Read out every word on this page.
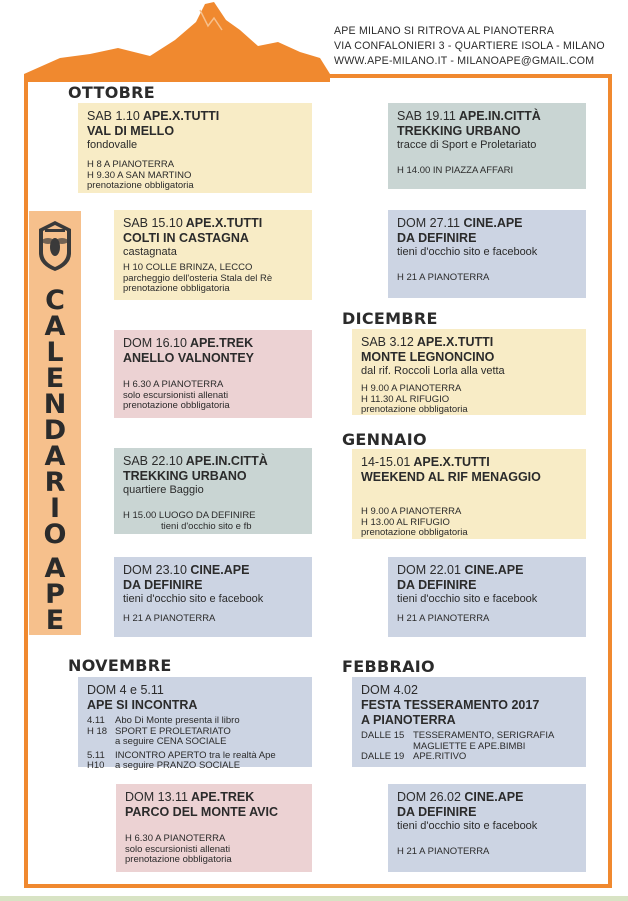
APE MILANO SI RITROVA AL PIANOTERRA
VIA CONFALONIERI 3 - QUARTIERE ISOLA - MILANO
WWW.APE-MILANO.IT - MILANOAPE@GMAIL.COM
C
A
L
E
N
D
A
R
I
O
A
P
E
OTTOBRE
NOVEMBRE
DICEMBRE
GENNAIO
FEBBRAIO
SAB 1.10 APE.X.TUTTI
VAL DI MELLO
fondovalle
H 8 A PIANOTERRA
H 9.30 A SAN MARTINO
prenotazione obbligatoria
SAB 15.10 APE.X.TUTTI
COLTI IN CASTAGNA
castagnata
H 10 COLLE BRINZA, LECCO
parcheggio dell'osteria Stala del Rè
prenotazione obbligatoria
DOM 16.10 APE.TREK
ANELLO VALNONTEY
H 6.30 A PIANOTERRA
solo escursionisti allenati
prenotazione obbligatoria
SAB 22.10 APE.IN.CITTÀ
TREKKING URBANO
quartiere Baggio
H 15.00 LUOGO DA DEFINIRE
tieni d'occhio sito e fb
DOM 23.10 CINE.APE
DA DEFINIRE
tieni d'occhio sito e facebook
H 21 A PIANOTERRA
DOM 4 e 5.11
APE SI INCONTRA
4.11	Abo Di Monte presenta il libro
H 18 SPORT E PROLETARIATO
a seguire CENA SOCIALE
5.11	INCONTRO APERTO tra le realtà Ape
H10	a seguire PRANZO SOCIALE
DOM 13.11 APE.TREK
PARCO DEL MONTE AVIC
H 6.30 A PIANOTERRA
solo escursionisti allenati
prenotazione obbligatoria
SAB 19.11 APE.IN.CITTÀ
TREKKING URBANO
tracce di Sport e Proletariato
H 14.00 IN PIAZZA AFFARI
DOM 27.11 CINE.APE
DA DEFINIRE
tieni d'occhio sito e facebook
H 21 A PIANOTERRA
SAB 3.12 APE.X.TUTTI
MONTE LEGNONCINO
dal rif. Roccoli Lorla alla vetta
H 9.00 A PIANOTERRA
H 11.30 AL RIFUGIO
prenotazione obbligatoria
14-15.01 APE.X.TUTTI
WEEKEND AL RIF MENAGGIO
H 9.00 A PIANOTERRA
H 13.00 AL RIFUGIO
prenotazione obbligatoria
DOM 22.01 CINE.APE
DA DEFINIRE
tieni d'occhio sito e facebook
H 21 A PIANOTERRA
DOM 4.02
FESTA TESSERAMENTO 2017
A PIANOTERRA
DALLE 15 TESSERAMENTO, SERIGRAFIA
MAGLIETTE E APE.BIMBI
DALLE 19 APE.RITIVO
DOM 26.02 CINE.APE
DA DEFINIRE
tieni d'occhio sito e facebook
H 21 A PIANOTERRA
